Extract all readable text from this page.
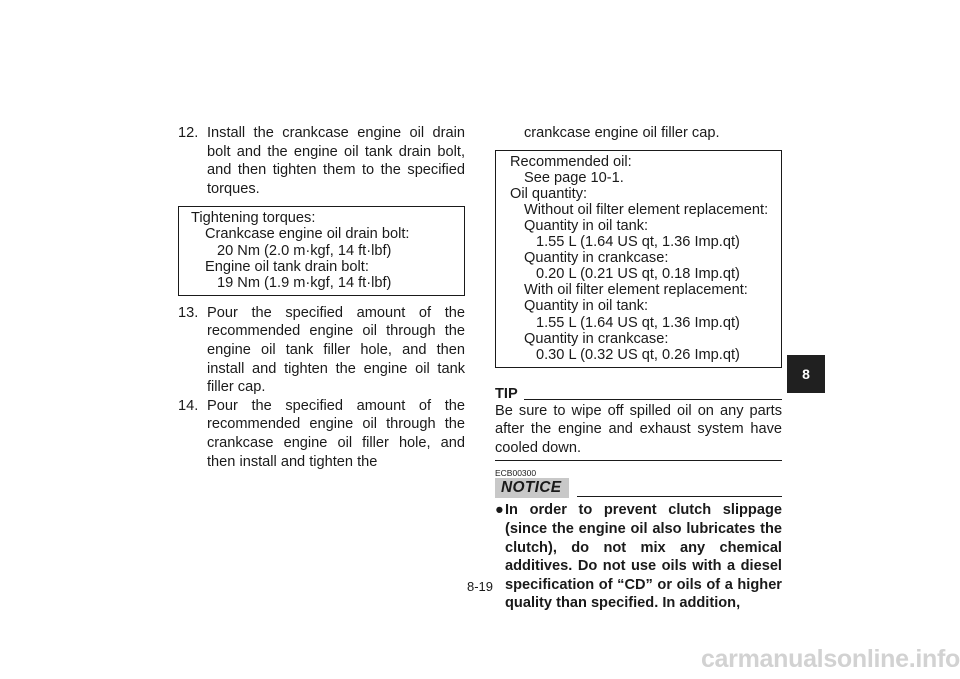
12. Install the crankcase engine oil drain bolt and the engine oil tank drain bolt, and then tighten them to the specified torques.
Tightening torques:
Crankcase engine oil drain bolt:
20 Nm (2.0 m·kgf, 14 ft·lbf)
Engine oil tank drain bolt:
19 Nm (1.9 m·kgf, 14 ft·lbf)
13. Pour the specified amount of the recommended engine oil through the engine oil tank filler hole, and then install and tighten the engine oil tank filler cap.
14. Pour the specified amount of the recommended engine oil through the crankcase engine oil filler hole, and then install and tighten the
crankcase engine oil filler cap.
Recommended oil:
See page 10-1.
Oil quantity:
Without oil filter element replacement:
Quantity in oil tank:
1.55 L (1.64 US qt, 1.36 Imp.qt)
Quantity in crankcase:
0.20 L (0.21 US qt, 0.18 Imp.qt)
With oil filter element replacement:
Quantity in oil tank:
1.55 L (1.64 US qt, 1.36 Imp.qt)
Quantity in crankcase:
0.30 L (0.32 US qt, 0.26 Imp.qt)
TIP
Be sure to wipe off spilled oil on any parts after the engine and exhaust system have cooled down.
ECB00300
NOTICE
● In order to prevent clutch slippage (since the engine oil also lubricates the clutch), do not mix any chemical additives. Do not use oils with a diesel specification of “CD” or oils of a higher quality than specified. In addition,
8
8-19
carmanualsonline.info
